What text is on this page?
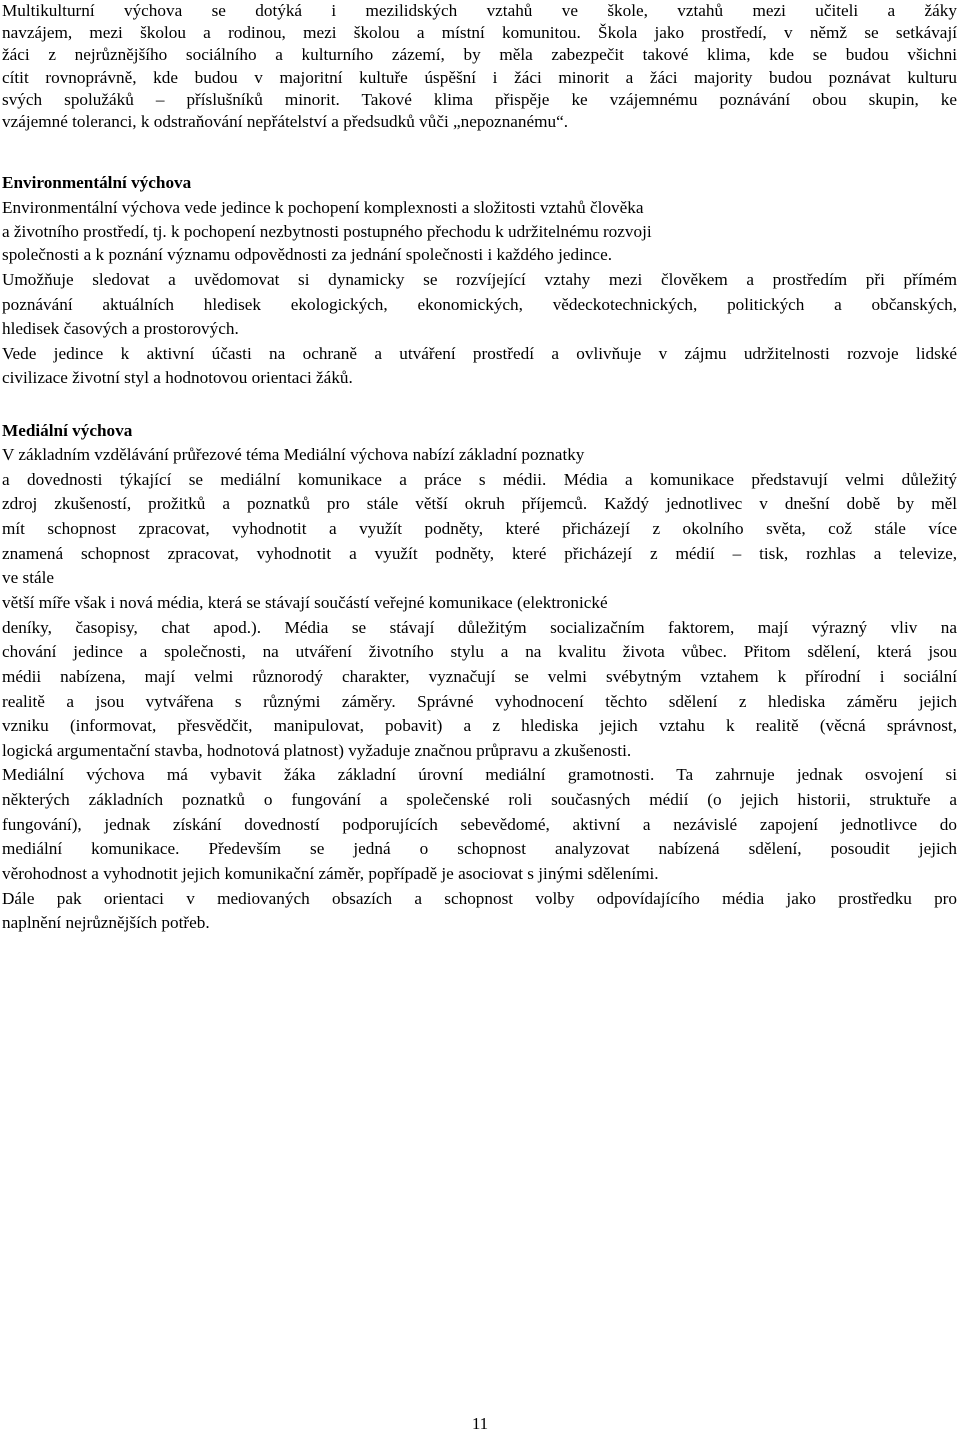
Multikulturní výchova se dotýká i mezilidských vztahů ve škole, vztahů mezi učiteli a žáky
navzájem, mezi školou a rodinou, mezi školou a místní komunitou. Škola jako prostředí, v němž se setkávají
žáci z nejrůznějšího sociálního a kulturního zázemí, by měla zabezpečit takové klima, kde se budou všichni
cítit rovnoprávně, kde budou v majoritní kultuře úspěšní i žáci minorit a žáci majority budou poznávat kulturu
svých spolužáků – příslušníků minorit. Takové klima přispěje ke vzájemnému poznávání obou skupin, ke
vzájemné toleranci, k odstraňování nepřátelství a předsudků vůči „nepoznanému“.
Environmentální výchova
Environmentální výchova vede jedince k pochopení komplexnosti a složitosti vztahů člověka
a životního prostředí, tj. k pochopení nezbytnosti postupného přechodu k udržitelnému rozvoji
společnosti a k poznání významu odpovědnosti za jednání společnosti i každého jedince.
Umožňuje sledovat a uvědomovat si dynamicky se rozvíjející vztahy mezi člověkem a prostředím při přímém
poznávání aktuálních hledisek ekologických, ekonomických, vědeckotechnických, politických a občanských,
hledisek časových a prostorových.
Vede jedince k aktivní účasti na ochraně a utváření prostředí a ovlivňuje v zájmu udržitelnosti rozvoje lidské
civilizace životní styl a hodnotovou orientaci žáků.
Mediální výchova
V základním vzdělávání průřezové téma Mediální výchova nabízí základní poznatky
a dovednosti týkající se mediální komunikace a práce s médii. Média a komunikace představují velmi důležitý
zdroj zkušeností, prožitků a poznatků pro stále větší okruh příjemců. Každý jednotlivec v dnešní době by měl
mít schopnost zpracovat, vyhodnotit a využít podněty, které přicházejí z okolního světa, což stále více
znamená schopnost zpracovat, vyhodnotit a využít podněty, které přicházejí z médií – tisk, rozhlas a televize,
ve stále
větší míře však i nová média, která se stávají součástí veřejné komunikace (elektronické
deníky, časopisy, chat apod.). Média se stávají důležitým socializačním faktorem, mají výrazný vliv na
chování jedince a společnosti, na utváření životního stylu a na kvalitu života vůbec. Přitom sdělení, která jsou
médii nabízena, mají velmi různorodý charakter, vyznačují se velmi svébytným vztahem k přírodní i sociální
realitě a jsou vytvářena s různými záměry. Správné vyhodnocení těchto sdělení z hlediska záměru jejich
vzniku (informovat, přesvědčit, manipulovat, pobavit) a z hlediska jejich vztahu k realitě (věcná správnost,
logická argumentační stavba, hodnotová platnost) vyžaduje značnou průpravu a zkušenosti.
Mediální výchova má vybavit žáka základní úrovní mediální gramotnosti. Ta zahrnuje jednak osvojení si
některých základních poznatků o fungování a společenské roli současných médií (o jejich historii, struktuře a
fungování), jednak získání dovedností podporujících sebevědomé, aktivní a nezávislé zapojení jednotlivce do
mediální komunikace. Především se jedná o schopnost analyzovat nabízená sdělení, posoudit jejich
věrohodnost a vyhodnotit jejich komunikační záměr, popřípadě je asociovat s jinými sděleními.
Dále pak orientaci v mediovaných obsazích a schopnost volby odpovídajícího média jako prostředku pro
naplnění nejrůznějších potřeb.
11
